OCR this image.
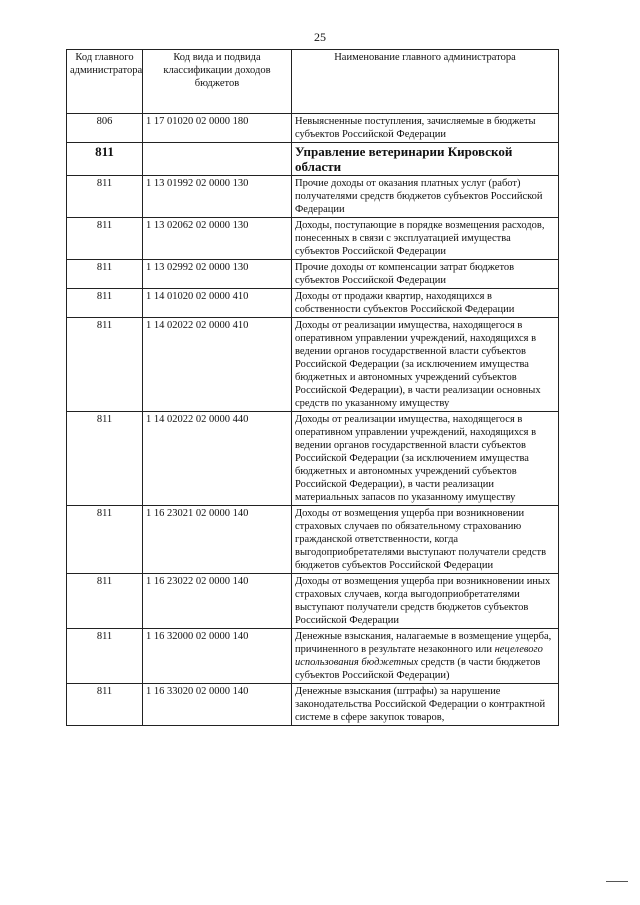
25
Код главного администратора	Код вида и подвида классификации доходов бюджетов	Наименование главного администратора
806	1 17 01020 02 0000 180	Невыясненные поступления, зачисляемые в бюджеты субъектов Российской Федерации
811		Управление ветеринарии Кировской области
811	1 13 01992 02 0000 130	Прочие доходы от оказания платных услуг (работ) получателями средств бюджетов субъектов Российской Федерации
811	1 13 02062 02 0000 130	Доходы, поступающие в порядке возмещения расходов, понесенных в связи с эксплуатацией имущества субъектов Российской Федерации
811	1 13 02992 02 0000 130	Прочие доходы от компенсации затрат бюджетов субъектов Российской Федерации
811	1 14 01020 02 0000 410	Доходы от продажи квартир, находящихся в собственности субъектов Российской Федерации
811	1 14 02022 02 0000 410	Доходы от реализации имущества, находящегося в оперативном управлении учреждений, находящихся в ведении органов государственной власти субъектов Российской Федерации (за исключением имущества бюджетных и автономных учреждений субъектов Российской Федерации), в части реализации основных средств по указанному имуществу
811	1 14 02022 02 0000 440	Доходы от реализации имущества, находящегося в оперативном управлении учреждений, находящихся в ведении органов государственной власти субъектов Российской Федерации (за исключением имущества бюджетных и автономных учреждений субъектов Российской Федерации), в части реализации материальных запасов по указанному имуществу
811	1 16 23021 02 0000 140	Доходы от возмещения ущерба при возникновении страховых случаев по обязательному страхованию гражданской ответственности, когда выгодоприобретателями выступают получатели средств бюджетов субъектов Российской Федерации
811	1 16 23022 02 0000 140	Доходы от возмещения ущерба при возникновении иных страховых случаев, когда выгодоприобретателями выступают получатели средств бюджетов субъектов Российской Федерации
811	1 16 32000 02 0000 140	Денежные взыскания, налагаемые в возмещение ущерба, причиненного в результате незаконного или нецелевого использования бюджетных средств (в части бюджетов субъектов Российской Федерации)
811	1 16 33020 02 0000 140	Денежные взыскания (штрафы) за нарушение законодательства Российской Федерации о контрактной системе в сфере закупок товаров,
